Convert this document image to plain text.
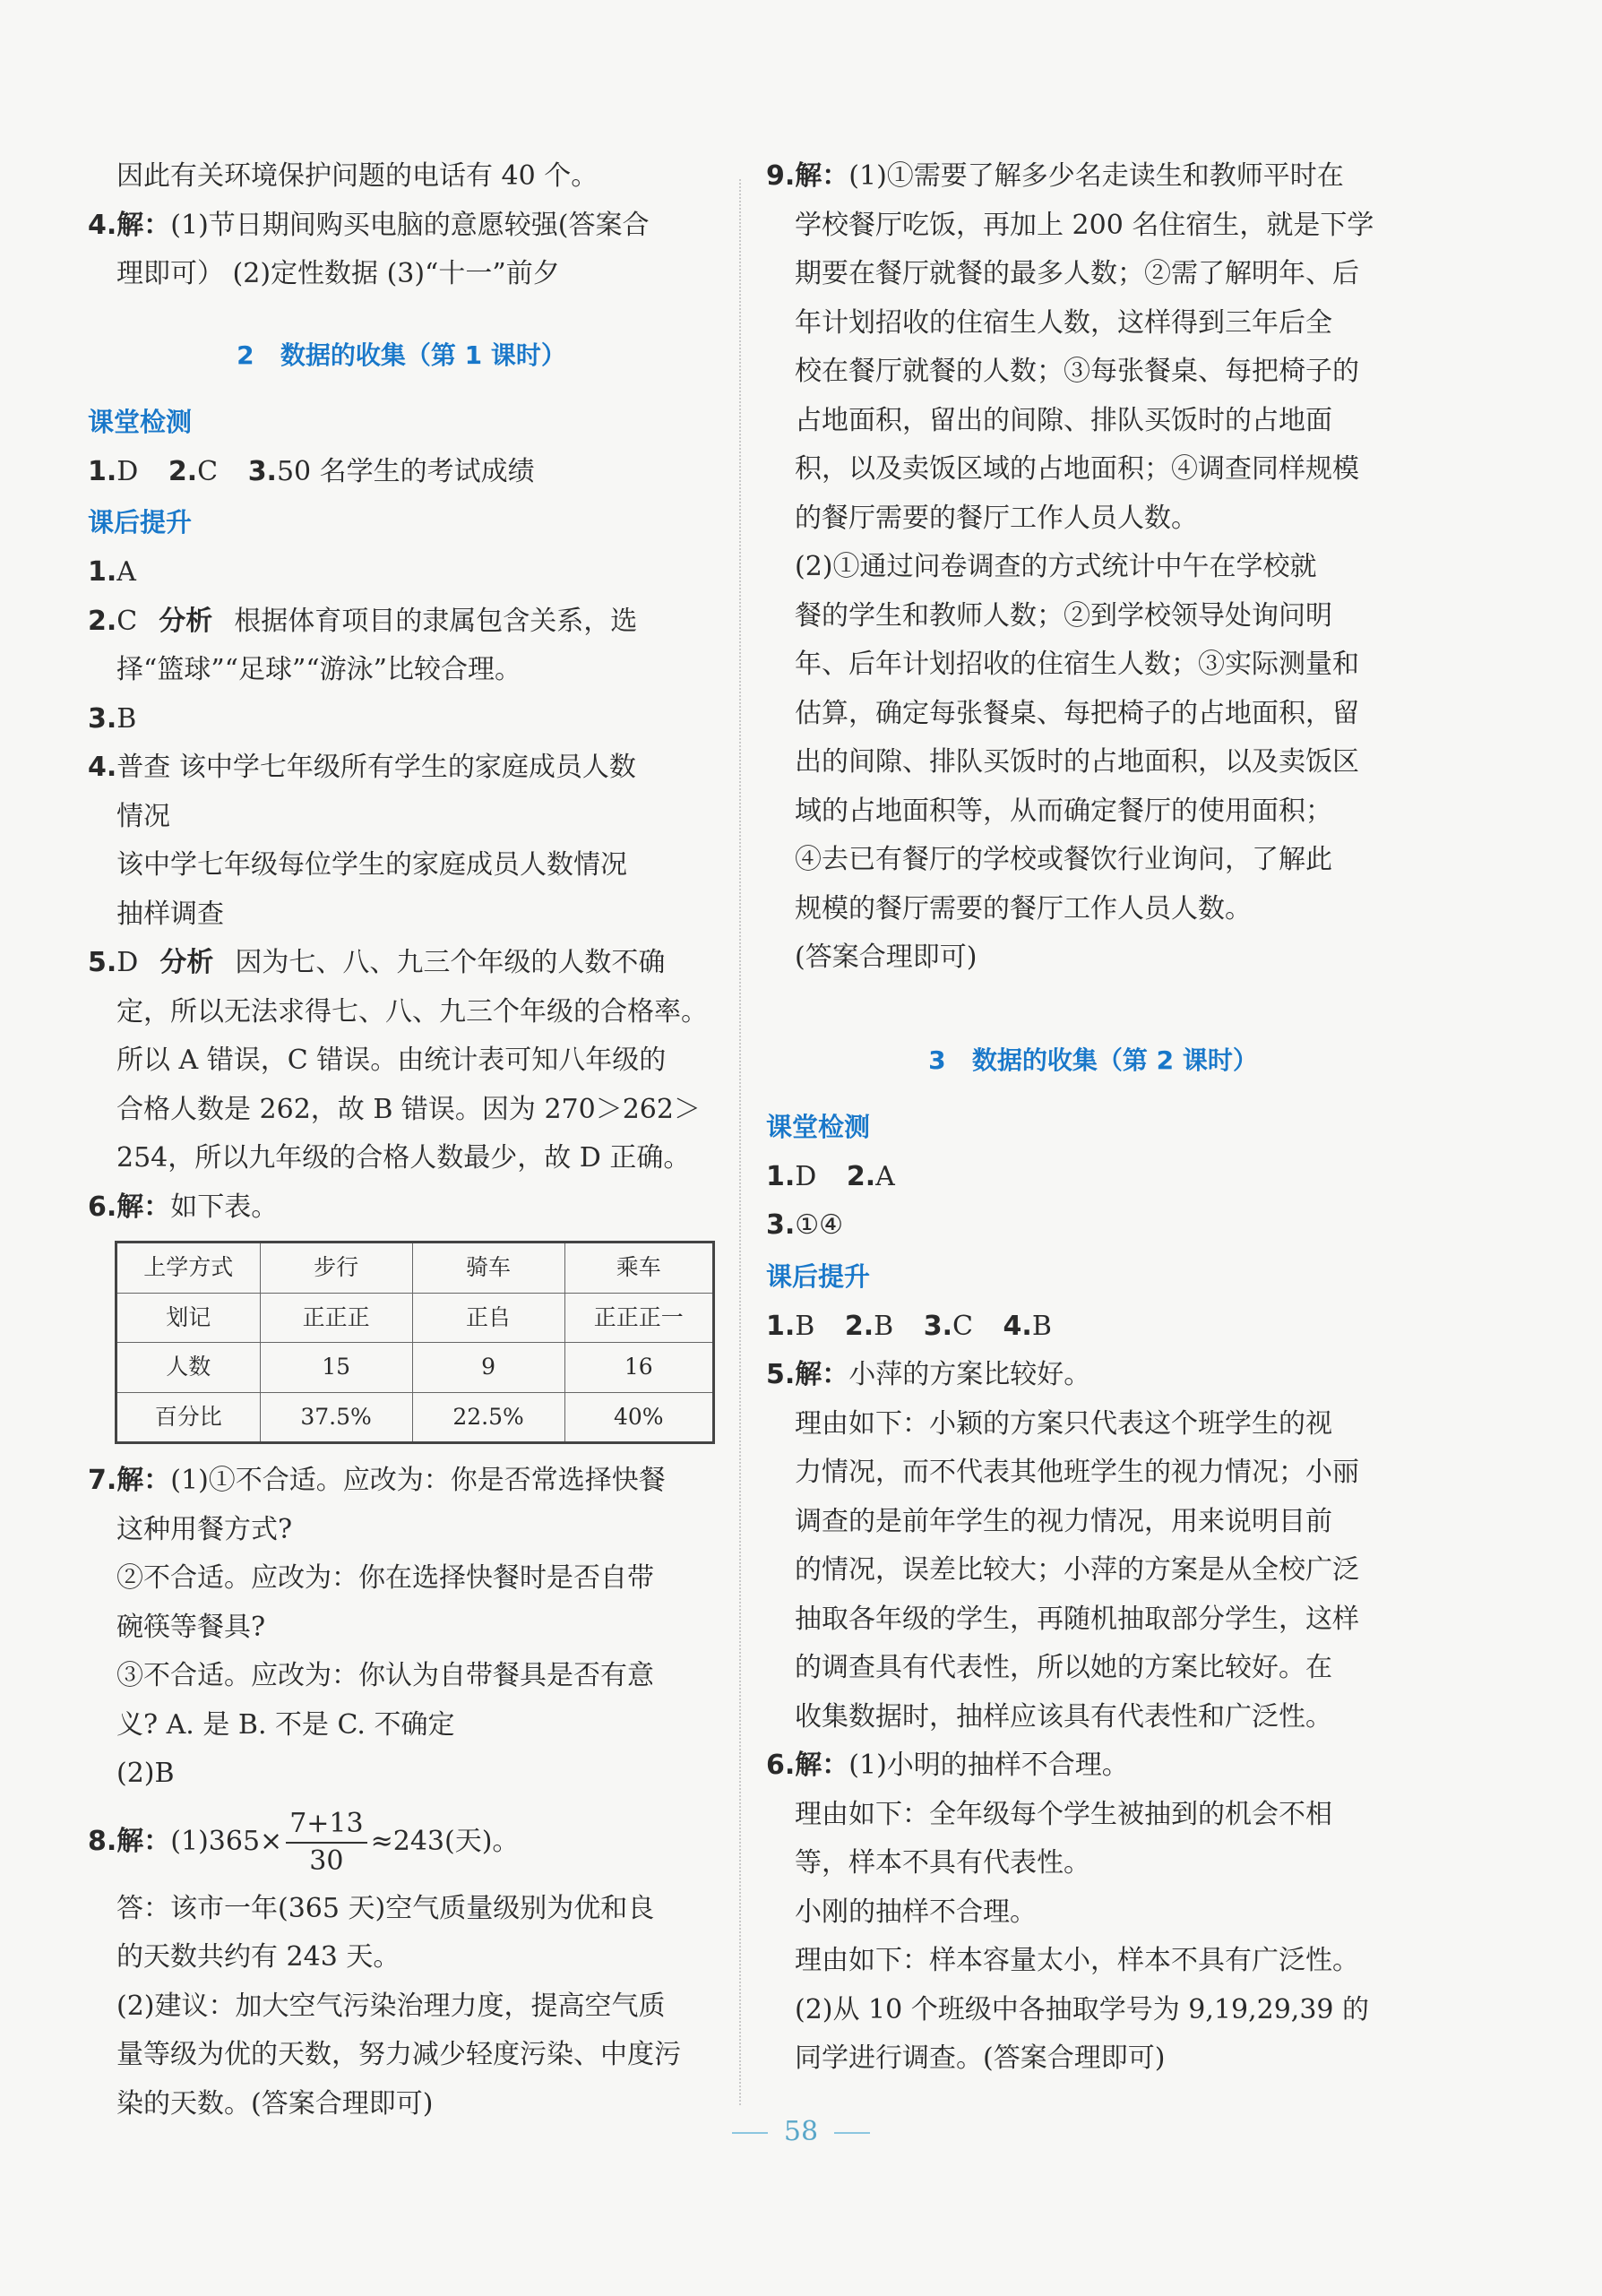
因此有关环境保护问题的电话有 40 个。

4.解：(1)节日期间购买电脑的意愿较强(答案合

理即可） (2)定性数据 (3)“十一”前夕

2 数据的收集（第 1 课时）
课堂检测

1.D 2.C 3.50 名学生的考试成绩

课后提升

1.A

2.C 分析 根据体育项目的隶属包含关系，选

择“篮球”“足球”“游泳”比较合理。

3.B

4.普查 该中学七年级所有学生的家庭成员人数

情况

该中学七年级每位学生的家庭成员人数情况

抽样调查

5.D 分析 因为七、八、九三个年级的人数不确

定，所以无法求得七、八、九三个年级的合格率。

所以 A 错误，C 错误。由统计表可知八年级的

合格人数是 262，故 B 错误。因为 270＞262＞

254，所以九年级的合格人数最少，故 D 正确。

6.解：如下表。

上学方式	步行	骑车	乘车
划记	正正正	正𠂤	正正正一
人数	15	9	16
百分比	37.5%	22.5%	40%

7.解：(1)①不合适。应改为：你是否常选择快餐

这种用餐方式?

②不合适。应改为：你在选择快餐时是否自带

碗筷等餐具?

③不合适。应改为：你认为自带餐具是否有意

义? A. 是 B. 不是 C. 不确定

(2)B

8.解：$(1)365\times \frac{7+13}{30} \approx 243$(天)。

答：该市一年(365 天)空气质量级别为优和良

的天数共约有 243 天。

(2)建议：加大空气污染治理力度，提高空气质

量等级为优的天数，努力减少轻度污染、中度污

染的天数。(答案合理即可)

9.解：(1)①需要了解多少名走读生和教师平时在

学校餐厅吃饭，再加上 200 名住宿生，就是下学

期要在餐厅就餐的最多人数；②需了解明年、后

年计划招收的住宿生人数，这样得到三年后全

校在餐厅就餐的人数；③每张餐桌、每把椅子的

占地面积，留出的间隙、排队买饭时的占地面

积，以及卖饭区域的占地面积；④调查同样规模

的餐厅需要的餐厅工作人员人数。

(2)①通过问卷调查的方式统计中午在学校就

餐的学生和教师人数；②到学校领导处询问明

年、后年计划招收的住宿生人数；③实际测量和

估算，确定每张餐桌、每把椅子的占地面积，留

出的间隙、排队买饭时的占地面积，以及卖饭区

域的占地面积等，从而确定餐厅的使用面积；

④去已有餐厅的学校或餐饮行业询问，了解此

规模的餐厅需要的餐厅工作人员人数。

(答案合理即可)

3 数据的收集（第 2 课时）
课堂检测

1.D 2.A

3.①④

课后提升

1.B 2.B 3.C 4.B

5.解：小萍的方案比较好。

理由如下：小颖的方案只代表这个班学生的视

力情况，而不代表其他班学生的视力情况；小丽

调查的是前年学生的视力情况，用来说明目前

的情况，误差比较大；小萍的方案是从全校广泛

抽取各年级的学生，再随机抽取部分学生，这样

的调查具有代表性，所以她的方案比较好。在

收集数据时，抽样应该具有代表性和广泛性。

6.解：(1)小明的抽样不合理。

理由如下：全年级每个学生被抽到的机会不相

等，样本不具有代表性。

小刚的抽样不合理。

理由如下：样本容量太小，样本不具有广泛性。

(2)从 10 个班级中各抽取学号为 9,19,29,39 的

同学进行调查。(答案合理即可)

58
